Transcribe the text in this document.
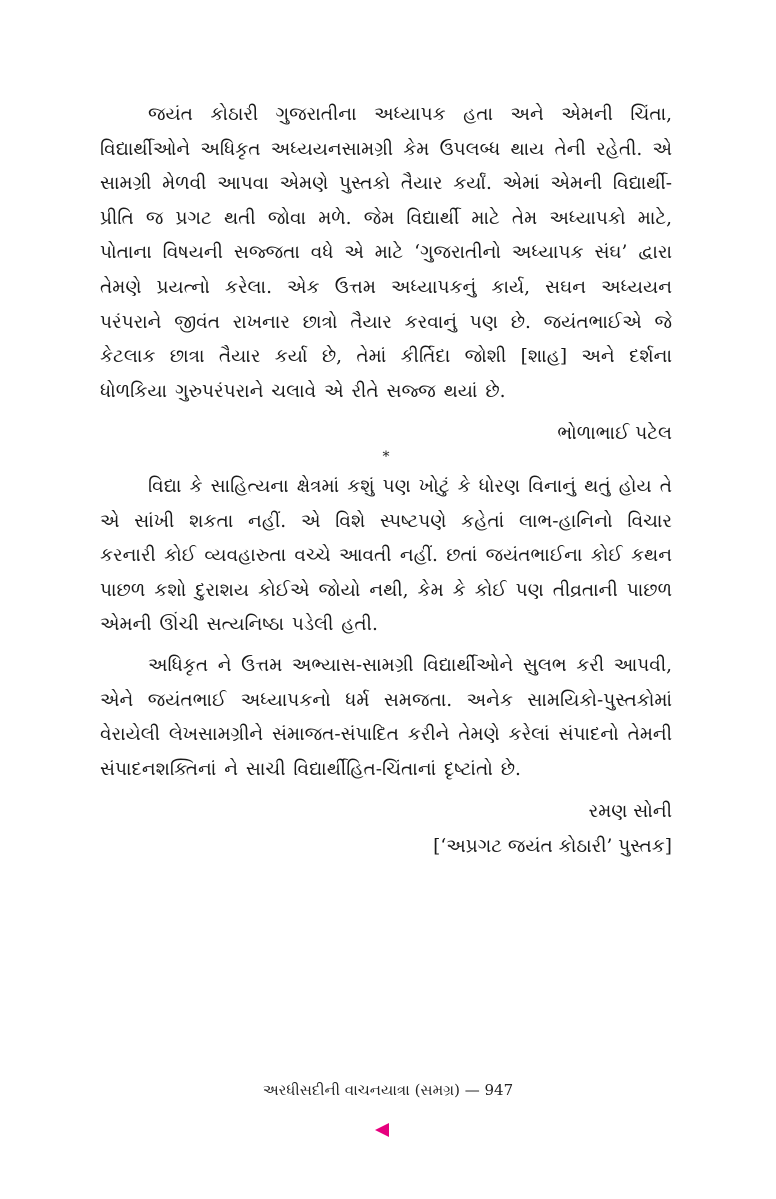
જયંત કોઠારી ગુજરાતીના અધ્યાપક હતા અને એમની ચિંતા, વિદ્યાર્થીઓને અધિકૃત અધ્યયનસામગ્રી કેમ ઉપલબ્ધ થાય તેની રહેતી. એ સામગ્રી મેળવી આપવા એમણે પુસ્તકો તૈયાર કર્યાં. એમાં એમની વિદ્યાર્થી-પ્રીતિ જ પ્રગટ થતી જોવા મળે. જેમ વિદ્યાર્થી માટે તેમ અધ્યાપકો માટે, પોતાના વિષયની સજ્જતા વધે એ માટે ‘ગુજરાતીનો અધ્યાપક સંઘ’ દ્વારા તેમણે પ્રયત્નો કરેલા. એક ઉત્તમ અધ્યાપકનું કાર્ય, સઘન અધ્યયન પરંપરાને જીવંત રાખનાર છાત્રો તૈયાર કરવાનું પણ છે. જયંતભાઈએ જે કેટલાક છાત્રા તૈયાર કર્યા છે, તેમાં કીર્તિદા જોશી [શાહ] અને દર્શના ધોળકિયા ગુરુપરંપરાને ચલાવે એ રીતે સજ્જ થયાં છે.

ભોળાભાઈ પટેલ

*

વિદ્યા કે સાહિત્યના ક્ષેત્રમાં કશું પણ ખોટું કે ધોરણ વિનાનું થતું હોય તે એ સાંખી શકતા નહીં. એ વિશે સ્પષ્ટપણે કહેતાં લાભ-હાનિનો વિચાર કરનારી કોઈ વ્યવહારુતા વચ્ચે આવતી નહીં. છતાં જયંતભાઈના કોઈ કથન પાછળ કશો દુરાશય કોઈએ જોયો નથી, કેમ કે કોઈ પણ તીવ્રતાની પાછળ એમની ઊંચી સત્યનિષ્ઠા પડેલી હતી.

અધિકૃત ને ઉત્તમ અભ્યાસ-સામગ્રી વિદ્યાર્થીઓને સુલભ કરી આપવી, એને જયંતભાઈ અધ્યાપકનો ધર્મ સમજતા. અનેક સામયિકો-પુસ્તકોમાં વેરાયેલી લેખસામગ્રીને સંમાજત-સંપાદિત કરીને તેમણે કરેલાં સંપાદનો તેમની સંપાદનશક્તિનાં ને સાચી વિદ્યાર્થીહિત-ચિંતાનાં દૃષ્ટાંતો છે.

રમણ સોની

[‘અપ્રગટ જયંત કોઠારી’ પુસ્તક]

અરધીસદીની વાચનયાત્રા (સમગ્ર) — 947
